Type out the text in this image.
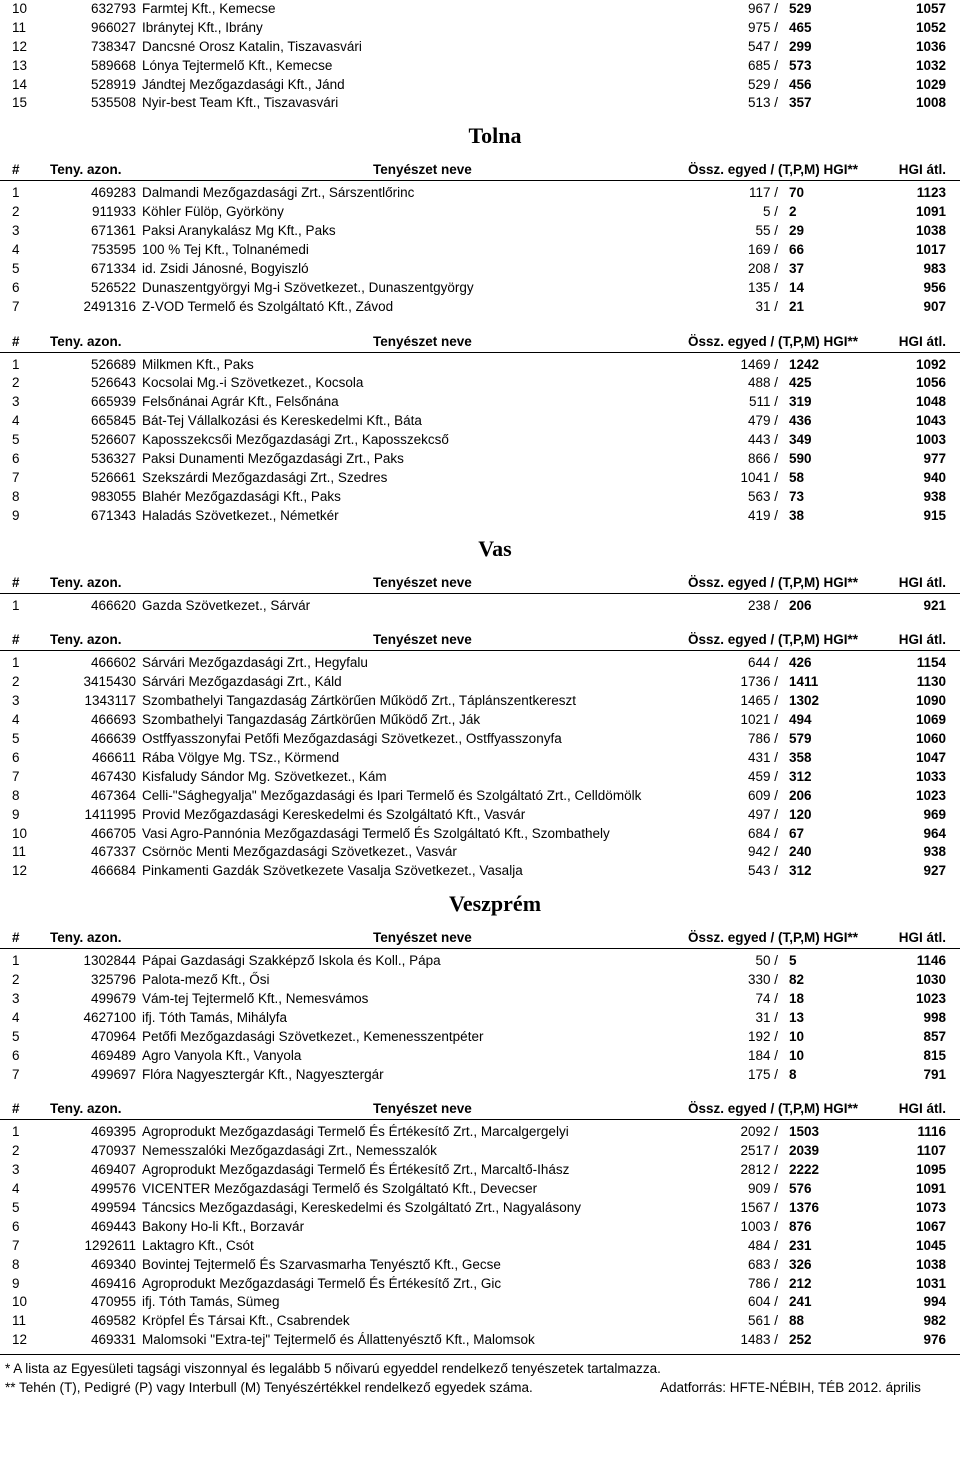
10	632793 Farmtej Kft., Kemecse	967 / 529	1057
11	966027 Ibránytej Kft., Ibrány	975 / 465	1052
12	738347 Dancsné Orosz Katalin, Tiszavasvári	547 / 299	1036
13	589668 Lónya Tejtermelő Kft., Kemecse	685 / 573	1032
14	528919 Jándtej Mezőgazdasági Kft., Jánd	529 / 456	1029
15	535508 Nyir-best Team Kft., Tiszavasvári	513 / 357	1008
Tolna
# Teny. azon.	Tenyészet neve	Össz. egyed / (T,P,M) HGI**	HGI átl.
1	469283 Dalmandi Mezőgazdasági Zrt., Sárszentlőrinc	117 / 70	1123
2	911933 Köhler Fülöp, Györköny	5 / 2	1091
3	671361 Paksi Aranykalász Mg Kft., Paks	55 / 29	1038
4	753595 100 % Tej Kft., Tolnanémedi	169 / 66	1017
5	671334 id. Zsidi Jánosné, Bogyiszló	208 / 37	983
6	526522 Dunaszentgyörgyi Mg-i Szövetkezet., Dunaszentgyörgy	135 / 14	956
7	2491316 Z-VOD Termelő és Szolgáltató Kft., Závod	31 / 21	907
# Teny. azon.	Tenyészet neve	Össz. egyed / (T,P,M) HGI**	HGI átl.
1	526689 Milkmen Kft., Paks	1469 / 1242	1092
2	526643 Kocsolai Mg.-i Szövetkezet., Kocsola	488 / 425	1056
3	665939 Felsőnánai Agrár Kft., Felsőnána	511 / 319	1048
4	665845 Bát-Tej Vállalkozási és Kereskedelmi Kft., Báta	479 / 436	1043
5	526607 Kaposszekcsői Mezőgazdasági Zrt., Kaposszekcső	443 / 349	1003
6	536327 Paksi Dunamenti Mezőgazdasági Zrt., Paks	866 / 590	977
7	526661 Szekszárdi Mezőgazdasági Zrt., Szedres	1041 / 58	940
8	983055 Blahér Mezőgazdasági Kft., Paks	563 / 73	938
9	671343 Haladás Szövetkezet., Németkér	419 / 38	915
Vas
# Teny. azon.	Tenyészet neve	Össz. egyed / (T,P,M) HGI**	HGI átl.
1	466620 Gazda Szövetkezet., Sárvár	238 / 206	921
# Teny. azon.	Tenyészet neve	Össz. egyed / (T,P,M) HGI**	HGI átl.
1	466602 Sárvári Mezőgazdasági Zrt., Hegyfalu	644 / 426	1154
2	3415430 Sárvári Mezőgazdasági Zrt., Káld	1736 / 1411	1130
3	1343117 Szombathelyi Tangazdaság Zártkörűen Működő Zrt., Táplánszentkereszt	1465 / 1302	1090
4	466693 Szombathelyi Tangazdaság Zártkörűen Működő Zrt., Ják	1021 / 494	1069
5	466639 Ostffyasszonyfai Petőfi Mezőgazdasági Szövetkezet., Ostffyasszonyfa	786 / 579	1060
6	466611 Rába Völgye Mg. TSz., Körmend	431 / 358	1047
7	467430 Kisfaludy Sándor Mg. Szövetkezet., Kám	459 / 312	1033
8	467364 Celli-"Sághegyalja" Mezőgazdasági és Ipari Termelő és Szolgáltató Zrt., Celldömölk	609 / 206	1023
9	1411995 Provid Mezőgazdasági Kereskedelmi és Szolgáltató Kft., Vasvár	497 / 120	969
10	466705 Vasi Agro-Pannónia Mezőgazdasági Termelő És Szolgáltató Kft., Szombathely	684 / 67	964
11	467337 Csörnöc Menti Mezőgazdasági Szövetkezet., Vasvár	942 / 240	938
12	466684 Pinkamenti Gazdák Szövetkezete Vasalja Szövetkezet., Vasalja	543 / 312	927
Veszprém
# Teny. azon.	Tenyészet neve	Össz. egyed / (T,P,M) HGI**	HGI átl.
1	1302844 Pápai Gazdasági Szakképző Iskola és Koll., Pápa	50 / 5	1146
2	325796 Palota-mező Kft., Ősi	330 / 82	1030
3	499679 Vám-tej Tejtermelő Kft., Nemesvámos	74 / 18	1023
4	4627100 ifj. Tóth Tamás, Mihályfa	31 / 13	998
5	470964 Petőfi Mezőgazdasági Szövetkezet., Kemenesszentpéter	192 / 10	857
6	469489 Agro Vanyola Kft., Vanyola	184 / 10	815
7	499697 Flóra Nagyesztergár Kft., Nagyesztergár	175 / 8	791
# Teny. azon.	Tenyészet neve	Össz. egyed / (T,P,M) HGI**	HGI átl.
1	469395 Agroprodukt Mezőgazdasági Termelő És Értékesítő Zrt., Marcalgergelyi	2092 / 1503	1116
2	470937 Nemesszalóki Mezőgazdasági Zrt., Nemesszalók	2517 / 2039	1107
3	469407 Agroprodukt Mezőgazdasági Termelő És Értékesítő Zrt., Marcaltő-Ihász	2812 / 2222	1095
4	499576 VICENTER Mezőgazdasági Termelő és Szolgáltató Kft., Devecser	909 / 576	1091
5	499594 Táncsics Mezőgazdasági, Kereskedelmi és Szolgáltató Zrt., Nagyalásony	1567 / 1376	1073
6	469443 Bakony Ho-li Kft., Borzavár	1003 / 876	1067
7	1292611 Laktagro Kft., Csót	484 / 231	1045
8	469340 Bovintej Tejtermelő És Szarvasmarha Tenyésztő Kft., Gecse	683 / 326	1038
9	469416 Agroprodukt Mezőgazdasági Termelő És Értékesítő Zrt., Gic	786 / 212	1031
10	470955 ifj. Tóth Tamás, Sümeg	604 / 241	994
11	469582 Kröpfel És Társai Kft., Csabrendek	561 / 88	982
12	469331 Malomsoki "Extra-tej" Tejtermelő és Állattenyésztő Kft., Malomsok	1483 / 252	976
* A lista az Egyesületi tagsági viszonnyal és legalább 5 nőivarú egyeddel rendelkező tenyészetek tartalmazza.
** Tehén (T), Pedigré (P) vagy Interbull (M) Tenyészértékkel rendelkező egyedek száma.	Adatforrás: HFTE-NÉBIH, TÉB 2012. április
